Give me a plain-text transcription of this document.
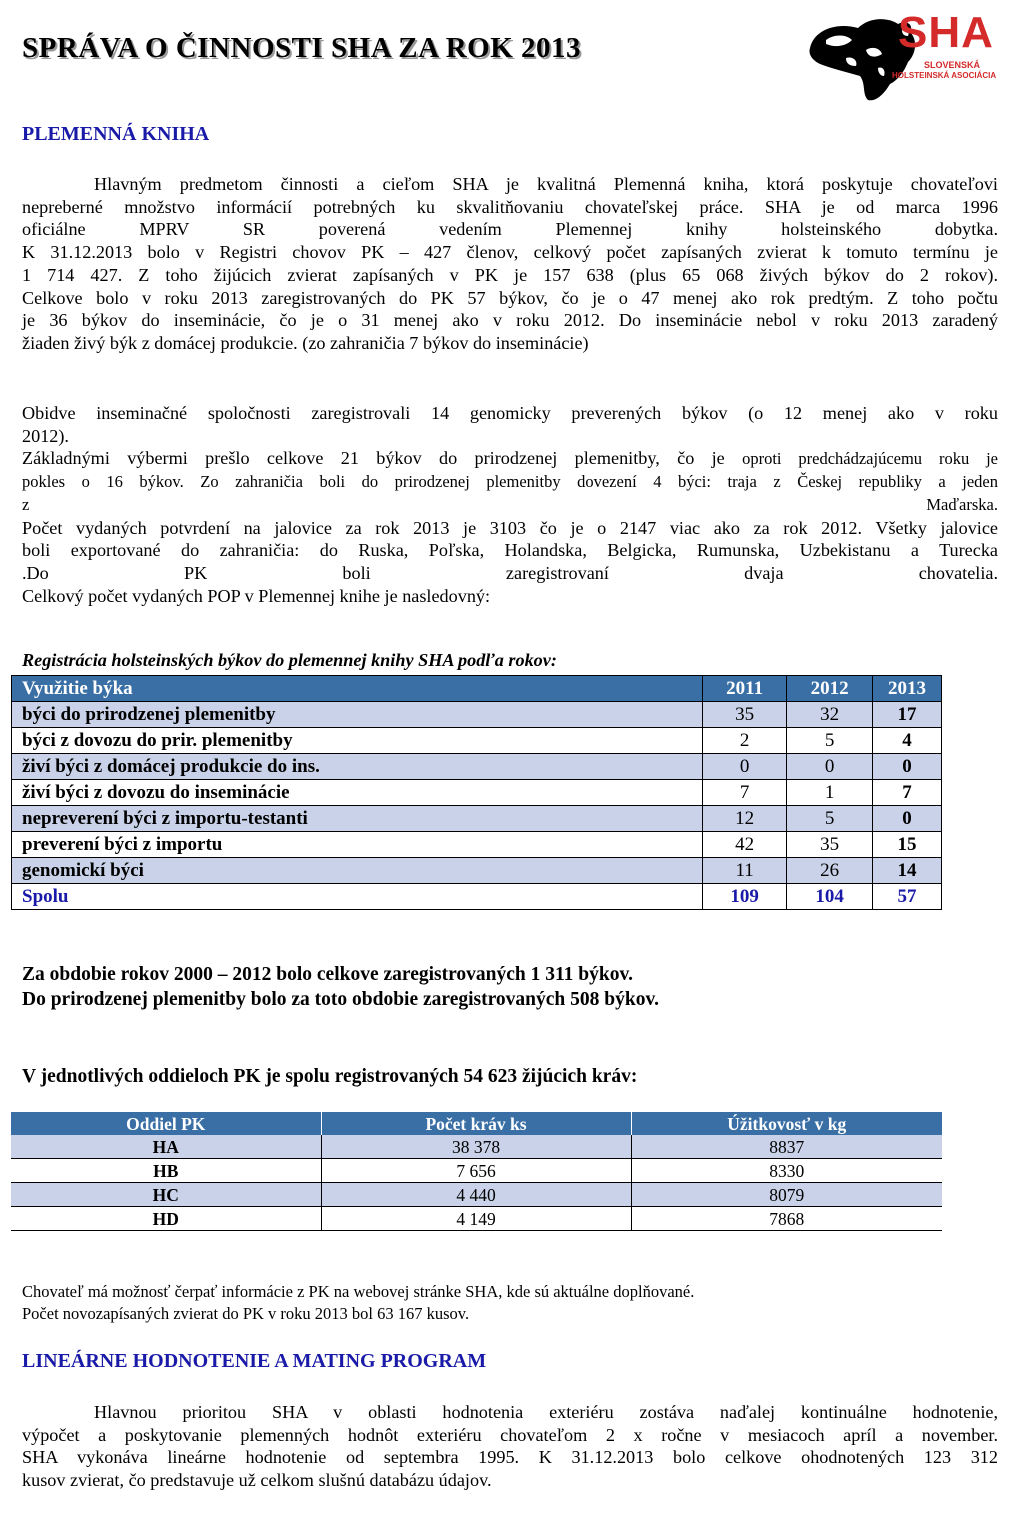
SPRÁVA O ČINNOSTI SHA ZA ROK 2013	SHA
SLOVENSKÁ
HOLSTEINSKÁ ASOCIÁCIA
PLEMENNÁ KNIHA
Hlavným predmetom činnosti a cieľom SHA je kvalitná Plemenná kniha, ktorá poskytuje chovateľovi
nepreberné množstvo informácií potrebných ku skvalitňovaniu chovateľskej práce. SHA je od marca 1996
oficiálne MPRV SR poverená vedením Plemennej knihy holsteinského dobytka.
K 31.12.2013 bolo v Registri chovov PK – 427 členov, celkový počet zapísaných zvierat k tomuto termínu je
1 714 427. Z toho žijúcich zvierat zapísaných v PK je 157 638 (plus 65 068 živých býkov do 2 rokov).
Celkove bolo v roku 2013 zaregistrovaných do PK 57 býkov, čo je o 47 menej ako rok predtým. Z toho počtu
je 36 býkov do inseminácie, čo je o 31 menej ako v roku 2012. Do inseminácie nebol v roku 2013 zaradený
žiaden živý býk z domácej produkcie. (zo zahraničia 7 býkov do inseminácie)
Obidve inseminačné spoločnosti zaregistrovali 14 genomicky preverených býkov (o 12 menej ako v roku
2012).
Základnými výbermi prešlo celkove 21 býkov do prirodzenej plemenitby, čo je oproti predchádzajúcemu roku je
pokles o 16 býkov. Zo zahraničia boli do prirodzenej plemenitby dovezení 4 býci: traja z Českej republiky a jeden
z Maďarska.
Počet vydaných potvrdení na jalovice za rok 2013 je 3103 čo je o 2147 viac ako za rok 2012. Všetky jalovice
boli exportované do zahraničia: do Ruska, Poľska, Holandska, Belgicka, Rumunska, Uzbekistanu a Turecka
.Do PK boli zaregistrovaní dvaja chovatelia.
Celkový počet vydaných POP v Plemennej knihe je nasledovný:

Registrácia holsteinských býkov do plemennej knihy SHA podľa rokov:

Využitie býka	2011	2012	2013
býci do prirodzenej plemenitby	35	32	17
býci z dovozu do prir. plemenitby	2	5	4
živí býci z domácej produkcie do ins.	0	0	0
živí býci z dovozu do inseminácie	7	1	7
nepreverení býci z importu-testanti	12	5	0
preverení býci z importu	42	35	15
genomickí býci	11	26	14
Spolu	109	104	57

Za obdobie rokov 2000 – 2012 bolo celkove zaregistrovaných 1 311 býkov.

Do prirodzenej plemenitby bolo za toto obdobie zaregistrovaných 508 býkov.

V jednotlivých oddieloch PK je spolu registrovaných 54 623 žijúcich kráv:

Oddiel PK	Počet kráv ks	Úžitkovosť v kg
HA	38 378	8837
HB	7 656	8330
HC	4 440	8079
HD	4 149	7868

Chovateľ má možnosť čerpať informácie z PK na webovej stránke SHA, kde sú aktuálne doplňované.

Počet novozapísaných zvierat do PK v roku 2013 bol 63 167 kusov.

LINEÁRNE HODNOTENIE A MATING PROGRAM
Hlavnou prioritou SHA v oblasti hodnotenia exteriéru zostáva naďalej kontinuálne hodnotenie,
výpočet a poskytovanie plemenných hodnôt exteriéru chovateľom 2 x ročne v mesiacoch apríl a november.
SHA vykonáva lineárne hodnotenie od septembra 1995. K 31.12.2013 bolo celkove ohodnotených 123 312
kusov zvierat, čo predstavuje už celkom slušnú databázu údajov.
